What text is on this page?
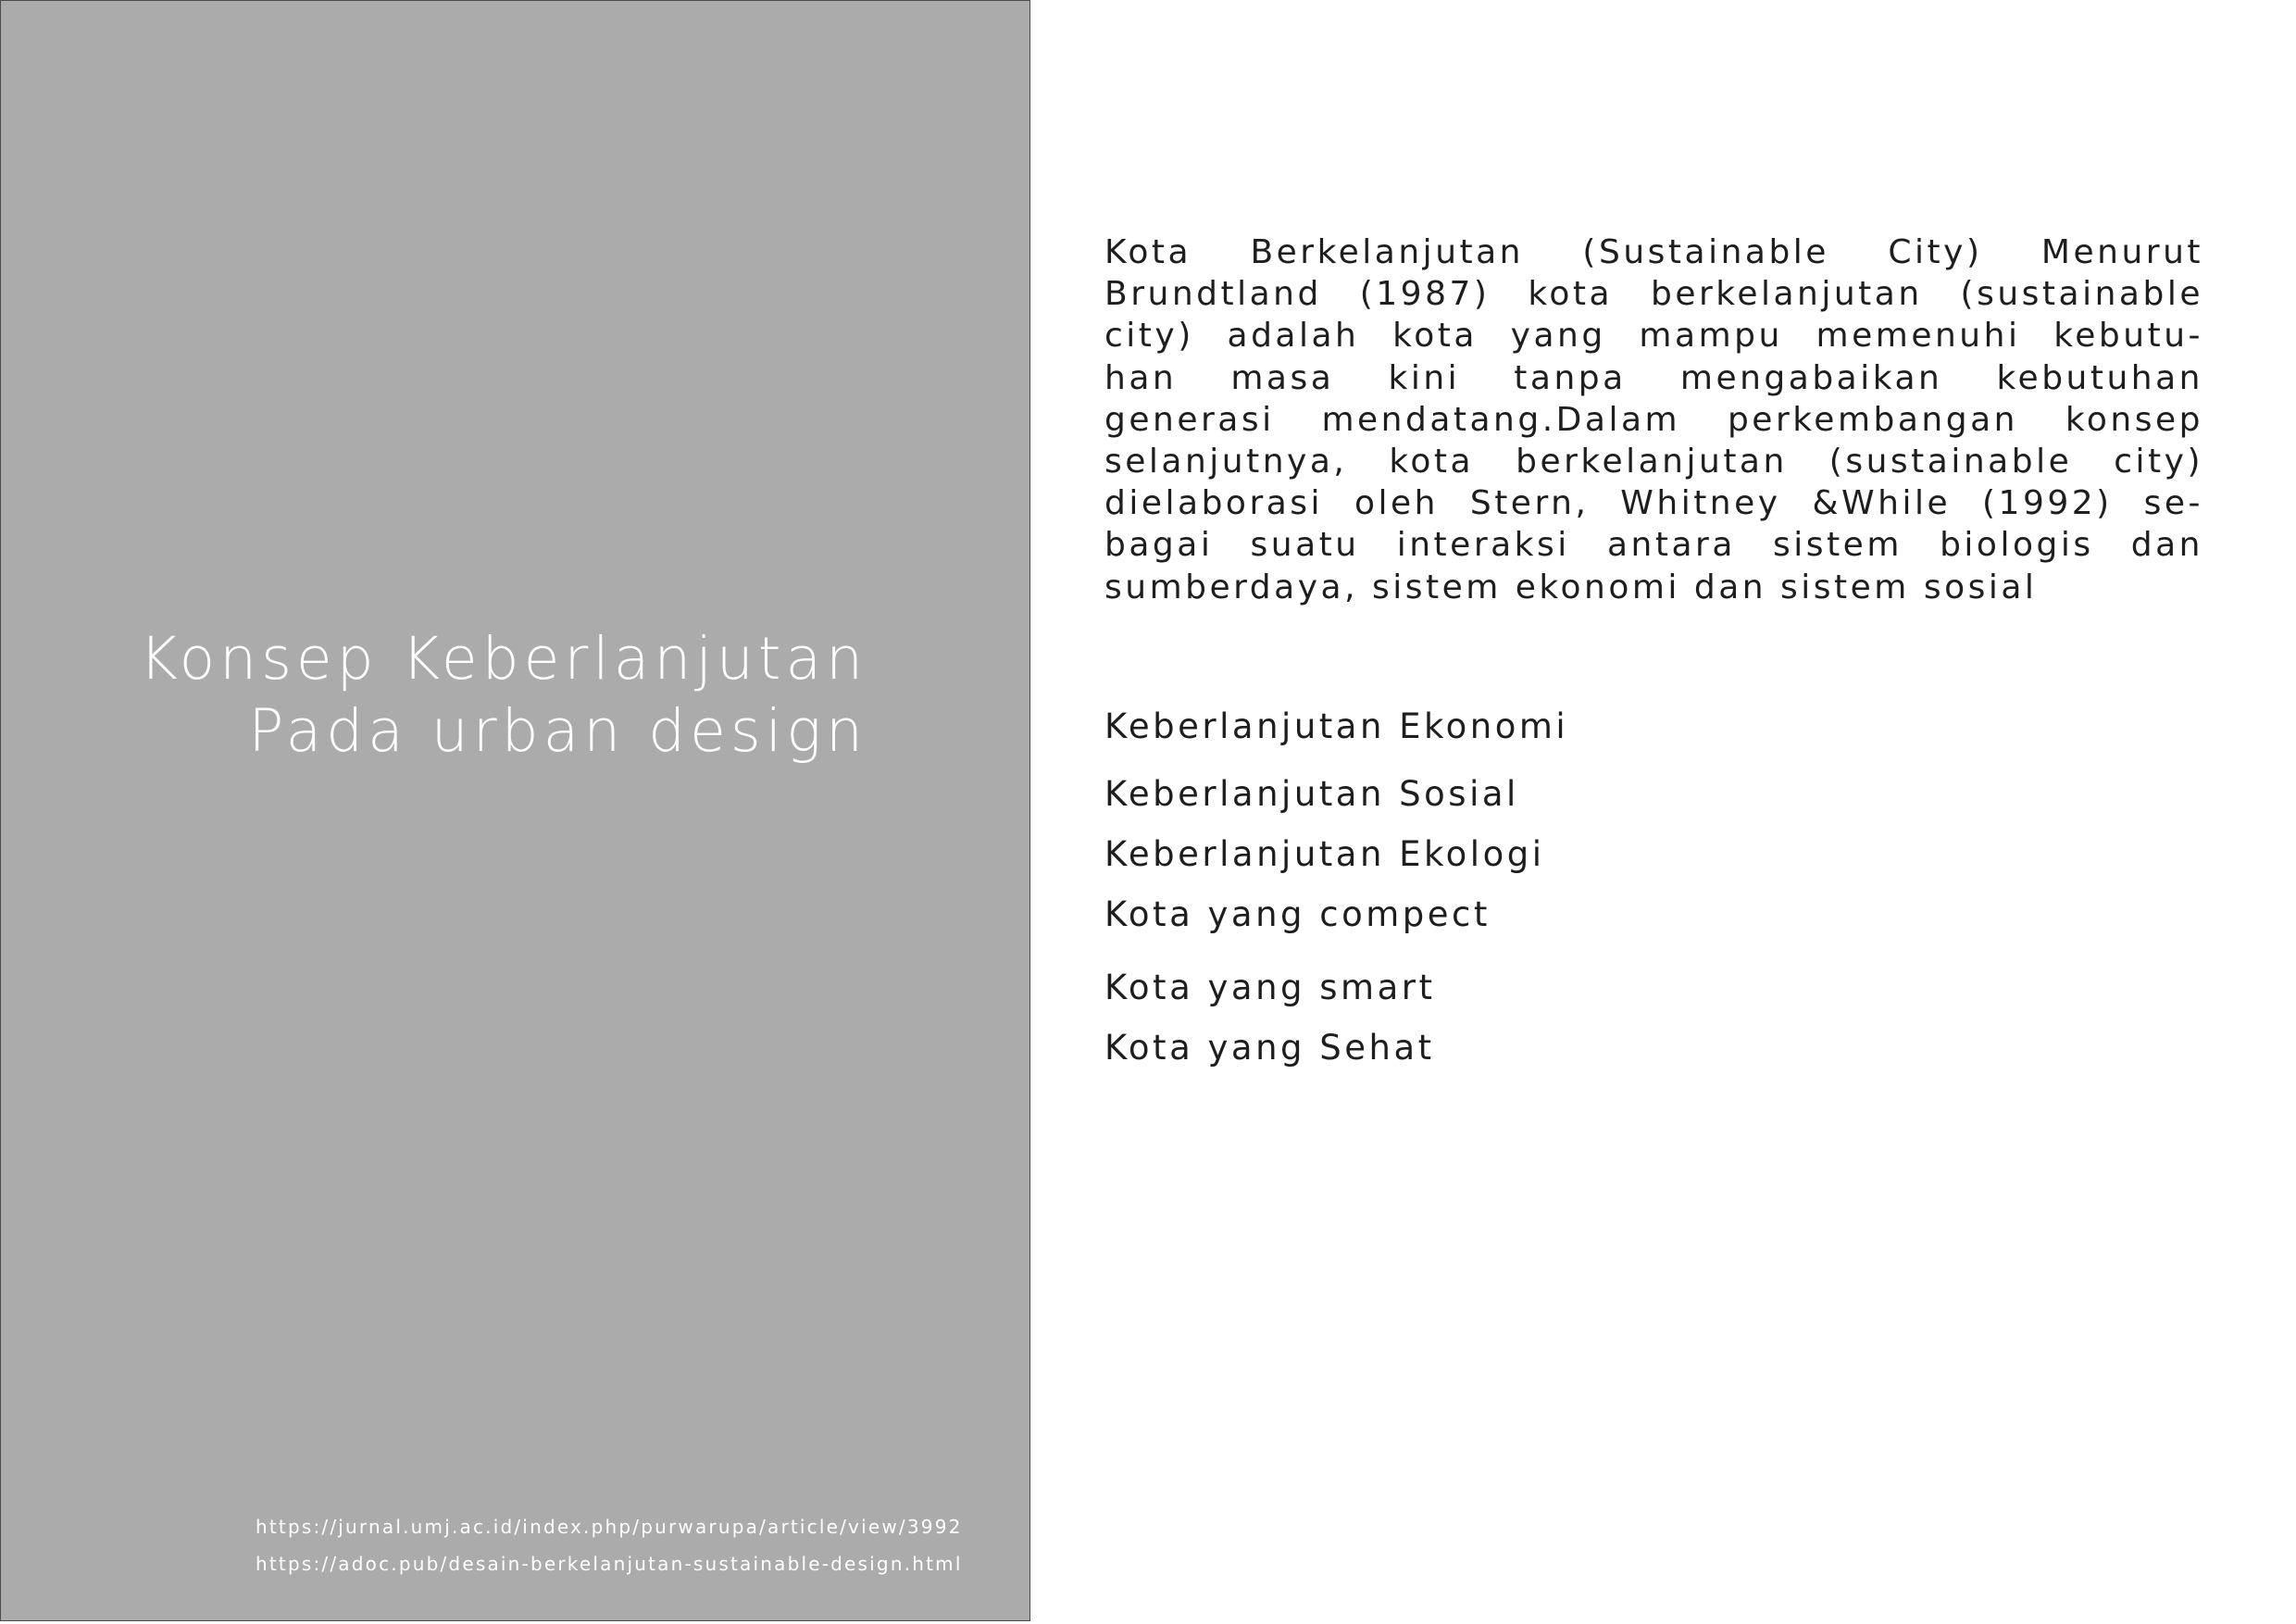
Konsep Keberlanjutan
Pada urban design
https://jurnal.umj.ac.id/index.php/purwarupa/article/view/3992
https://adoc.pub/desain-berkelanjutan-sustainable-design.html

Kota Berkelanjutan (Sustainable City) Menurut
Brundtland (1987) kota berkelanjutan (sustainable
city) adalah kota yang mampu memenuhi kebutu-
han masa kini tanpa mengabaikan kebutuhan
generasi mendatang.Dalam perkembangan konsep
selanjutnya, kota berkelanjutan (sustainable city)
dielaborasi oleh Stern, Whitney &While (1992) se-
bagai suatu interaksi antara sistem biologis dan
sumberdaya, sistem ekonomi dan sistem sosial

Keberlanjutan Ekonomi

Keberlanjutan Sosial

Keberlanjutan Ekologi

Kota yang compect

Kota yang smart

Kota yang Sehat
